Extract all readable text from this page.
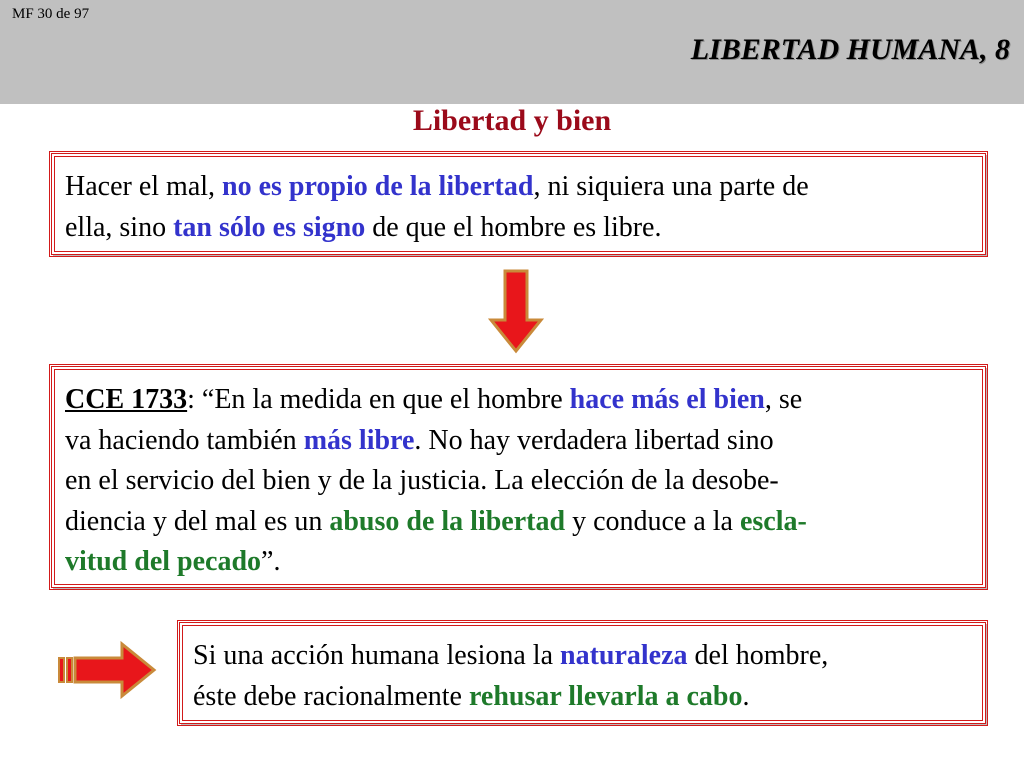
MF 30 de 97
LIBERTAD HUMANA, 8
Libertad y bien
Hacer el mal, no es propio de la libertad, ni siquiera una parte de
ella, sino tan sólo es signo de que el hombre es libre.
CCE 1733: “En la medida en que el hombre hace más el bien, se
va haciendo también más libre. No hay verdadera libertad sino
en el servicio del bien y de la justicia. La elección de la desobe-
diencia y del mal es un abuso de la libertad y conduce a la escla-
vitud del pecado”.
Si una acción humana lesiona la naturaleza del hombre,
éste debe racionalmente rehusar llevarla a cabo.
